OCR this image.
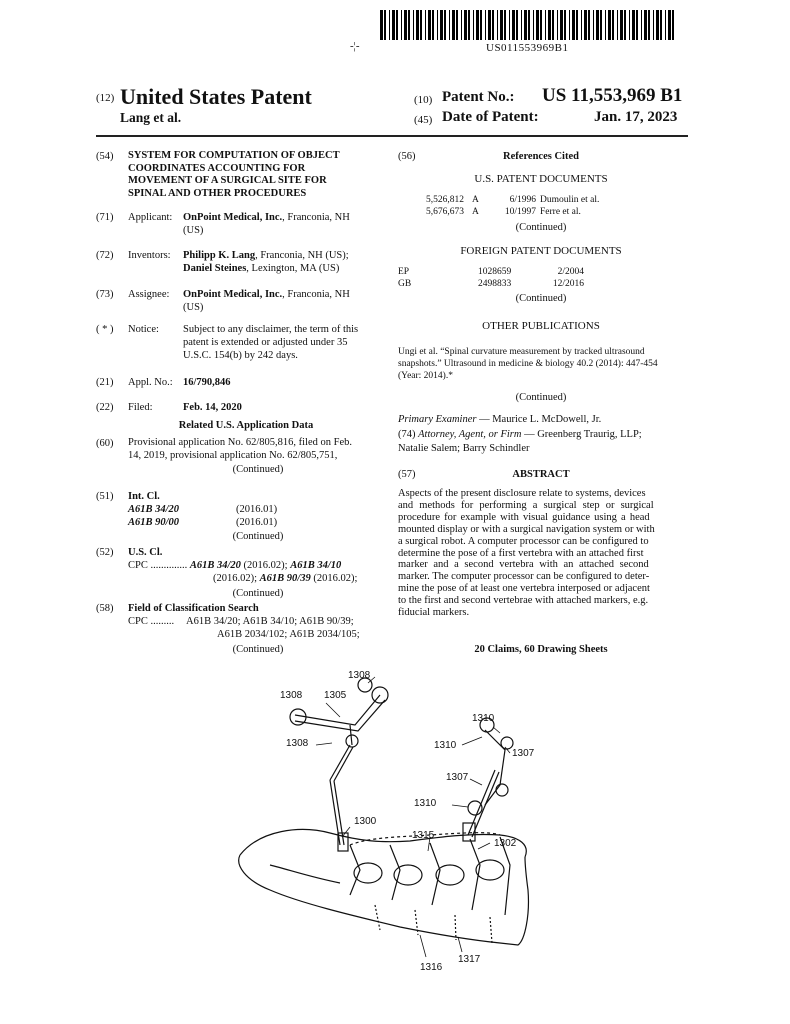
US011553969B1
-¦-
(12) United States Patent
Lang et al.
(10) Patent No.: US 11,553,969 B1
(45) Date of Patent:	Jan. 17, 2023
(54) SYSTEM FOR COMPUTATION OF OBJECT
COORDINATES ACCOUNTING FOR
MOVEMENT OF A SURGICAL SITE FOR
SPINAL AND OTHER PROCEDURES
(71) Applicant: OnPoint Medical, Inc., Franconia, NH
(US)
(72) Inventors: Philipp K. Lang, Franconia, NH (US);
Daniel Steines, Lexington, MA (US)
(73) Assignee: OnPoint Medical, Inc., Franconia, NH
(US)
( * ) Notice: Subject to any disclaimer, the term of this
patent is extended or adjusted under 35
U.S.C. 154(b) by 242 days.
(21) Appl. No.: 16/790,846
(22) Filed:	Feb. 14, 2020
Related U.S. Application Data
(60) Provisional application No. 62/805,816, filed on Feb.
14, 2019, provisional application No. 62/805,751,
(Continued)
(51) Int. Cl.
A61B 34/20	(2016.01)
A61B 90/00	(2016.01)
(Continued)
(52) U.S. Cl.
CPC .............. A61B 34/20 (2016.02); A61B 34/10
(2016.02); A61B 90/39 (2016.02);
(Continued)
(58) Field of Classification Search
CPC ......... A61B 34/20; A61B 34/10; A61B 90/39;
A61B 2034/102; A61B 2034/105;
(Continued)
(56)	References Cited
U.S. PATENT DOCUMENTS
5,526,812 A	6/1996 Dumoulin et al.
5,676,673 A	10/1997 Ferre et al.
(Continued)
FOREIGN PATENT DOCUMENTS
EP	1028659	2/2004
GB	2498833	12/2016
(Continued)
OTHER PUBLICATIONS
Ungi et al. “Spinal curvature measurement by tracked ultrasound
snapshots.” Ultrasound in medicine & biology 40.2 (2014): 447-454
(Year: 2014).*
(Continued)
Primary Examiner — Maurice L. McDowell, Jr.
(74) Attorney, Agent, or Firm — Greenberg Traurig, LLP;
Natalie Salem; Barry Schindler
(57)	ABSTRACT
Aspects of the present disclosure relate to systems, devices
and methods for performing a surgical step or surgical
procedure for example with visual guidance using a head
mounted display or with a surgical navigation system or with
a surgical robot. A computer processor can be configured to
determine the pose of a first vertebra with an attached first
marker and a second vertebra with an attached second
marker. The computer processor can be configured to deter-
mine the pose of at least one vertebra interposed or adjacent
to the first and second vertebrae with attached markers, e.g.
fiducial markers.
20 Claims, 60 Drawing Sheets
1308
1308 1305
1308
1310
1310
1307
1307
1310
1300
1315
1302
1316
1317
